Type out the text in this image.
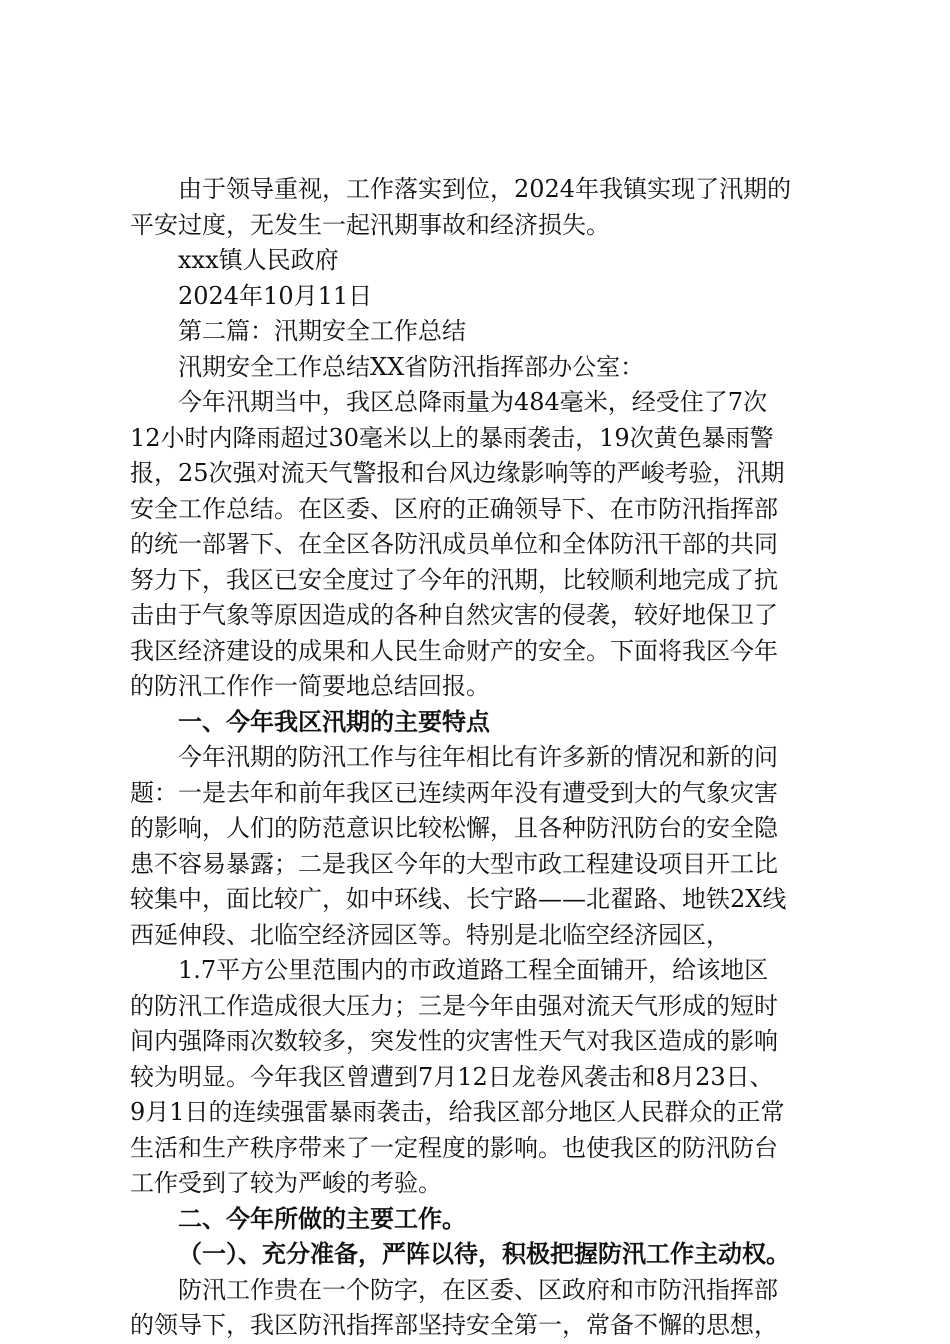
由于领导重视，工作落实到位，2024年我镇实现了汛期的
平安过度，无发生一起汛期事故和经济损失。
xxx镇人民政府
2024年10月11日
第二篇：汛期安全工作总结
汛期安全工作总结XX省防汛指挥部办公室：
今年汛期当中，我区总降雨量为484毫米，经受住了7次
12小时内降雨超过30毫米以上的暴雨袭击，19次黄色暴雨警
报，25次强对流天气警报和台风边缘影响等的严峻考验，汛期
安全工作总结。在区委、区府的正确领导下、在市防汛指挥部
的统一部署下、在全区各防汛成员单位和全体防汛干部的共同
努力下，我区已安全度过了今年的汛期，比较顺利地完成了抗
击由于气象等原因造成的各种自然灾害的侵袭，较好地保卫了
我区经济建设的成果和人民生命财产的安全。下面将我区今年
的防汛工作作一简要地总结回报。
一、今年我区汛期的主要特点
今年汛期的防汛工作与往年相比有许多新的情况和新的问
题：一是去年和前年我区已连续两年没有遭受到大的气象灾害
的影响，人们的防范意识比较松懈，且各种防汛防台的安全隐
患不容易暴露；二是我区今年的大型市政工程建设项目开工比
较集中，面比较广，如中环线、长宁路——北翟路、地铁2X线
西延伸段、北临空经济园区等。特别是北临空经济园区，
1.7平方公里范围内的市政道路工程全面铺开，给该地区
的防汛工作造成很大压力；三是今年由强对流天气形成的短时
间内强降雨次数较多，突发性的灾害性天气对我区造成的影响
较为明显。今年我区曾遭到7月12日龙卷风袭击和8月23日、
9月1日的连续强雷暴雨袭击，给我区部分地区人民群众的正常
生活和生产秩序带来了一定程度的影响。也使我区的防汛防台
工作受到了较为严峻的考验。
二、今年所做的主要工作。
（一）、充分准备，严阵以待，积极把握防汛工作主动权。
防汛工作贵在一个防字，在区委、区政府和市防汛指挥部
的领导下，我区防汛指挥部坚持安全第一，常备不懈的思想，
